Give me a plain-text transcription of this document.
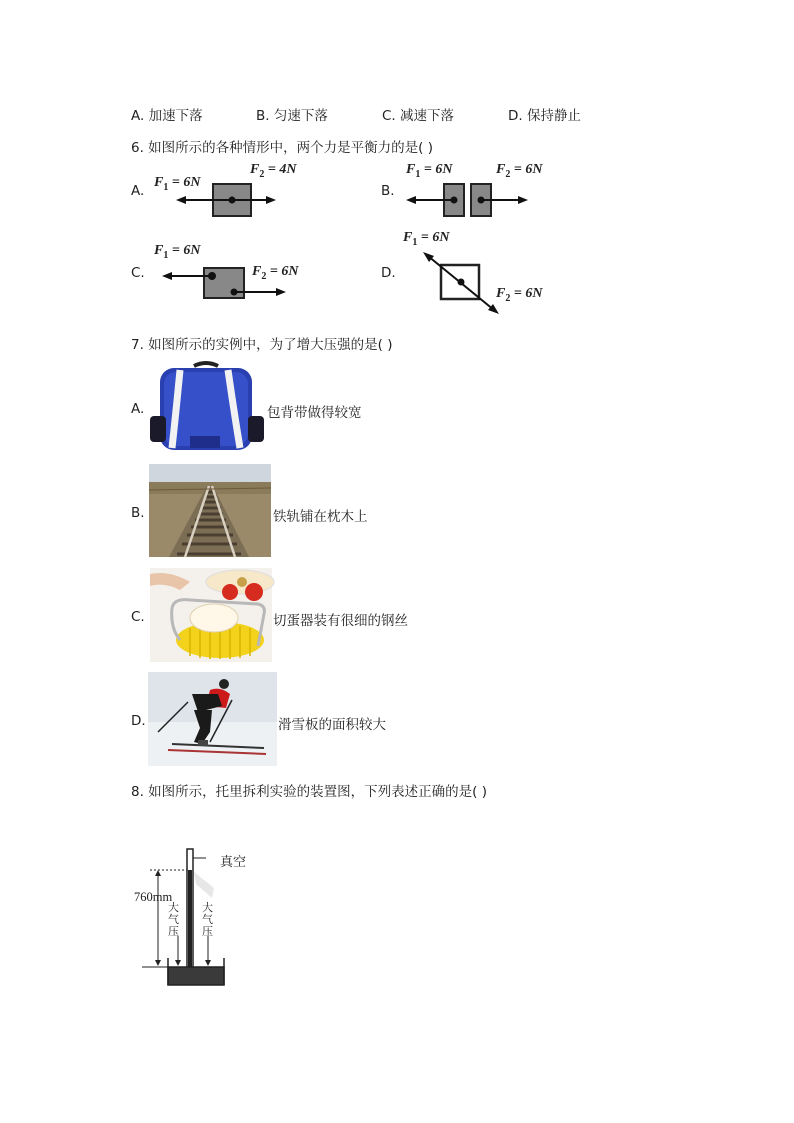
A. 加速下落	B. 匀速下落	C. 减速下落	D. 保持静止
6. 如图所示的各种情形中，两个力是平衡力的是( )
A.
$F_1 = 6N$
$F_2 = 4N$
B.
$F_1 = 6N$	$F_2 = 6N$
C.
$F_1 = 6N$
$F_2 = 6N$	D.
$F_1 = 6N$
$F_2 = 6N$
7. 如图所示的实例中，为了增大压强的是( )
A.	包背带做得较宽
B.	铁轨铺在枕木上
C.	切蛋器装有很细的钢丝
D.	滑雪板的面积较大
8. 如图所示，托里拆利实验的装置图，下列表述正确的是( )
真空
760mm
大气压
大气压
